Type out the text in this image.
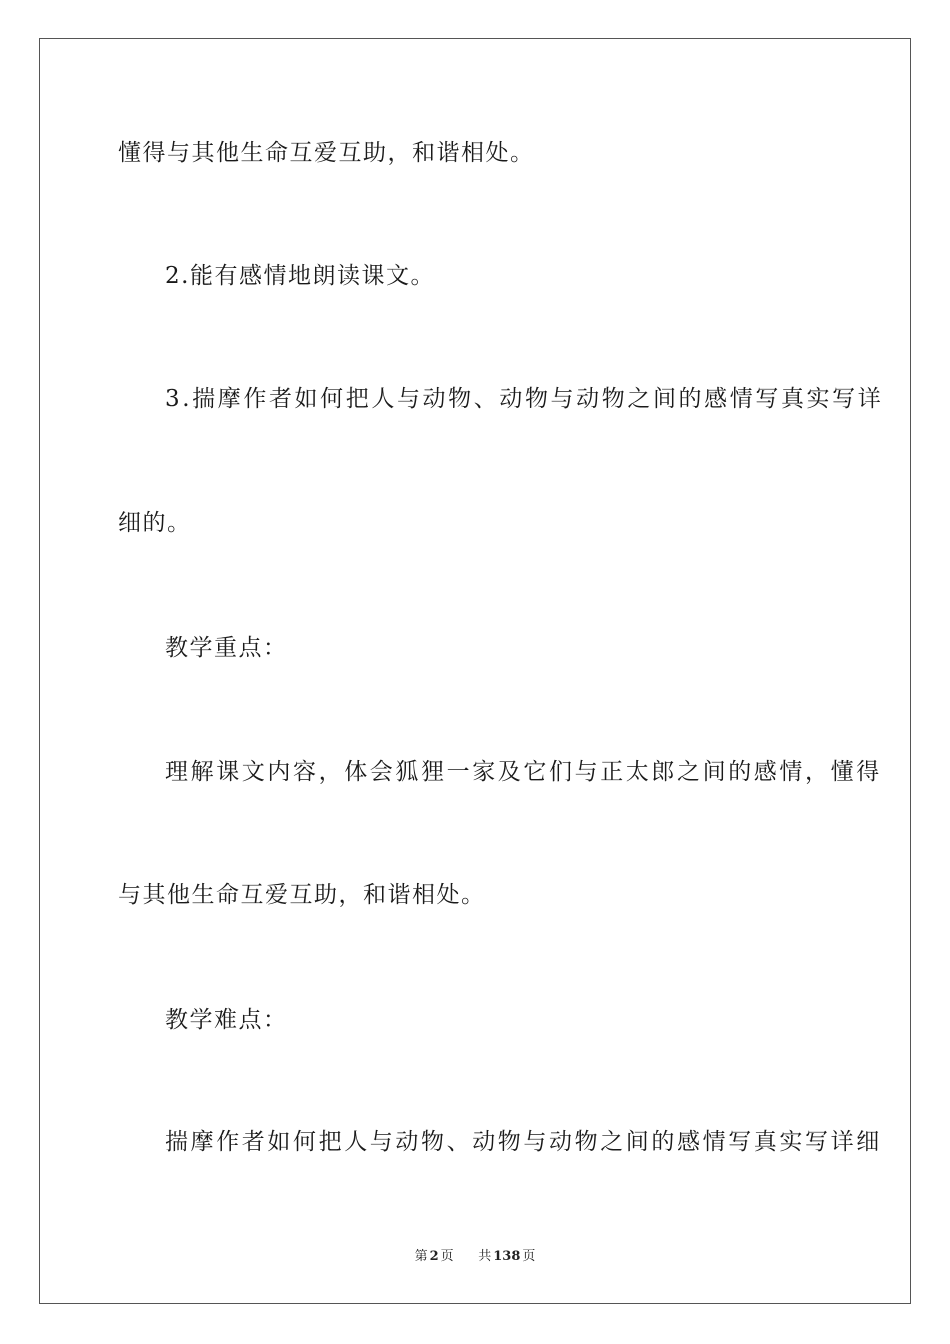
懂得与其他生命互爱互助，和谐相处。

2.能有感情地朗读课文。

3.揣摩作者如何把人与动物、动物与动物之间的感情写真实写详

细的。

教学重点：

理解课文内容，体会狐狸一家及它们与正太郎之间的感情，懂得

与其他生命互爱互助，和谐相处。

教学难点：

揣摩作者如何把人与动物、动物与动物之间的感情写真实写详细

第 2 页 共 138 页
